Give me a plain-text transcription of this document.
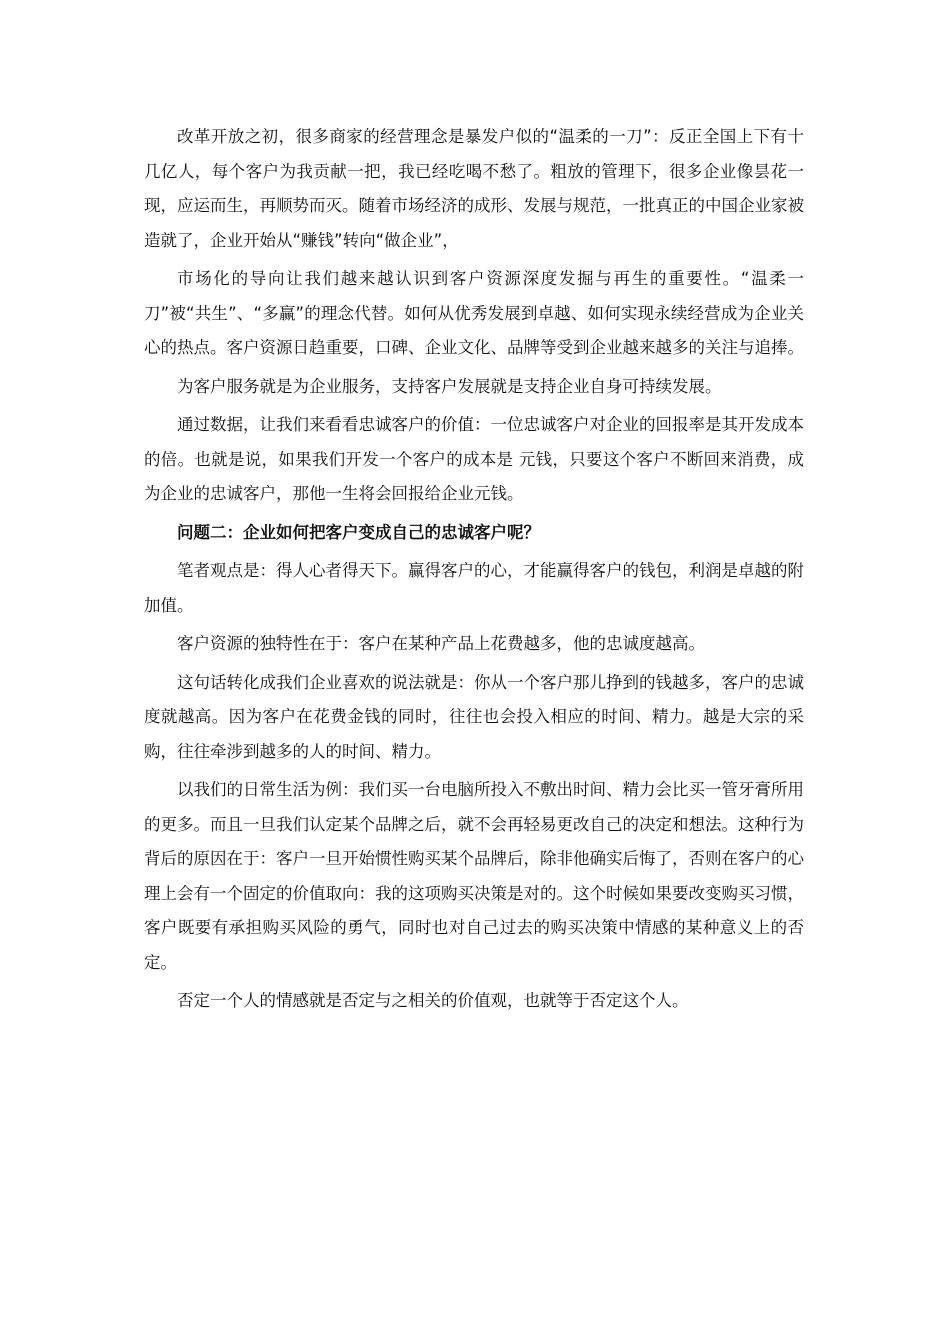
改革开放之初，很多商家的经营理念是暴发户似的“温柔的一刀”：反正全国上下有十几亿人，每个客户为我贡献一把，我已经吃喝不愁了。粗放的管理下，很多企业像昙花一现，应运而生，再顺势而灭。随着市场经济的成形、发展与规范，一批真正的中国企业家被造就了，企业开始从“赚钱”转向“做企业”，

市场化的导向让我们越来越认识到客户资源深度发掘与再生的重要性。“温柔一刀”被“共生”、“多赢”的理念代替。如何从优秀发展到卓越、如何实现永续经营成为企业关心的热点。客户资源日趋重要，口碑、企业文化、品牌等受到企业越来越多的关注与追捧。

为客户服务就是为企业服务，支持客户发展就是支持企业自身可持续发展。

通过数据，让我们来看看忠诚客户的价值：一位忠诚客户对企业的回报率是其开发成本的倍。也就是说，如果我们开发一个客户的成本是 元钱，只要这个客户不断回来消费，成为企业的忠诚客户，那他一生将会回报给企业元钱。

问题二：企业如何把客户变成自己的忠诚客户呢？

笔者观点是：得人心者得天下。赢得客户的心，才能赢得客户的钱包，利润是卓越的附加值。

客户资源的独特性在于：客户在某种产品上花费越多，他的忠诚度越高。

这句话转化成我们企业喜欢的说法就是：你从一个客户那儿挣到的钱越多，客户的忠诚度就越高。因为客户在花费金钱的同时，往往也会投入相应的时间、精力。越是大宗的采购，往往牵涉到越多的人的时间、精力。

以我们的日常生活为例：我们买一台电脑所投入不敷出时间、精力会比买一管牙膏所用的更多。而且一旦我们认定某个品牌之后，就不会再轻易更改自己的决定和想法。这种行为背后的原因在于：客户一旦开始惯性购买某个品牌后，除非他确实后悔了，否则在客户的心理上会有一个固定的价值取向：我的这项购买决策是对的。这个时候如果要改变购买习惯，客户既要有承担购买风险的勇气，同时也对自己过去的购买决策中情感的某种意义上的否定。

否定一个人的情感就是否定与之相关的价值观，也就等于否定这个人。
